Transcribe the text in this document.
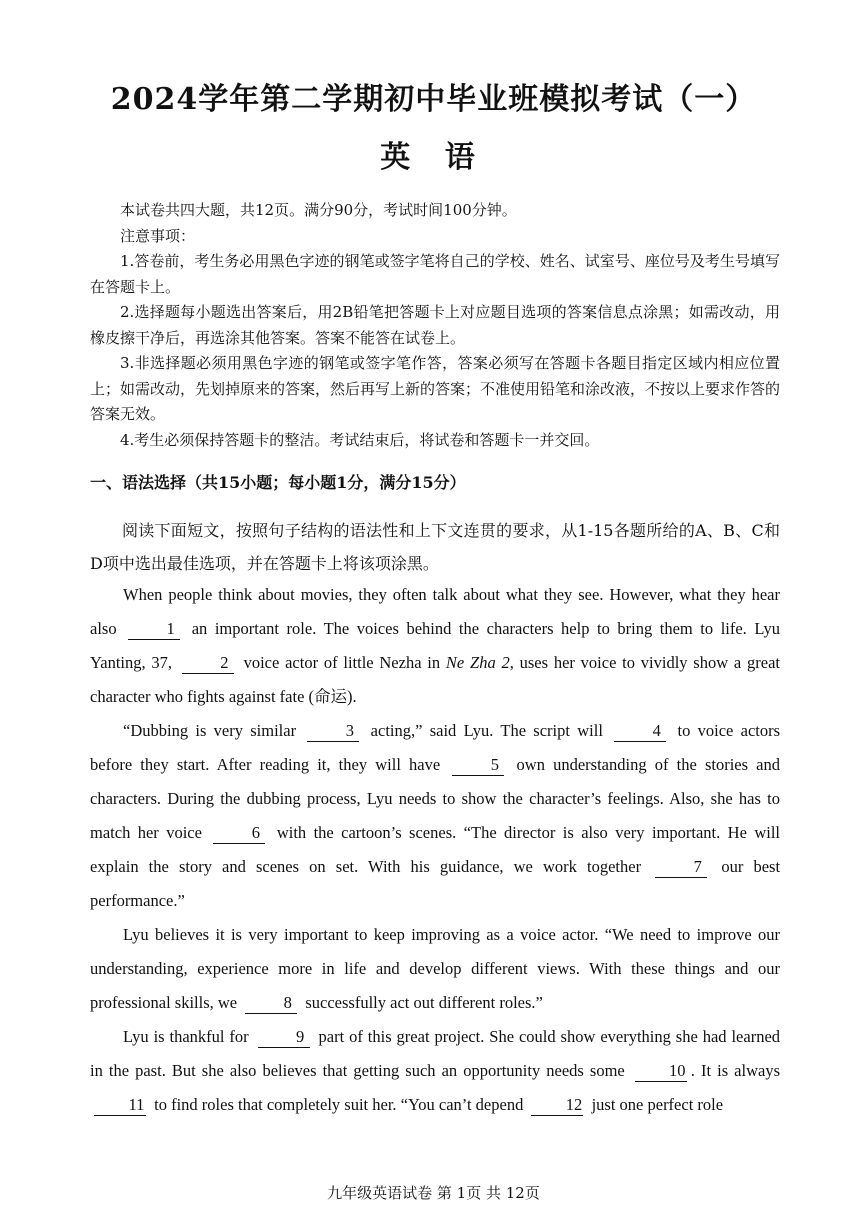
2024学年第二学期初中毕业班模拟考试（一）
英 语

本试卷共四大题，共12页。满分90分，考试时间100分钟。

注意事项：

1.答卷前，考生务必用黑色字迹的钢笔或签字笔将自己的学校、姓名、试室号、座位号及考生号填写在答题卡上。

2.选择题每小题选出答案后，用2B铅笔把答题卡上对应题目选项的答案信息点涂黑；如需改动，用橡皮擦干净后，再选涂其他答案。答案不能答在试卷上。

3.非选择题必须用黑色字迹的钢笔或签字笔作答，答案必须写在答题卡各题目指定区域内相应位置上；如需改动，先划掉原来的答案，然后再写上新的答案；不准使用铅笔和涂改液，不按以上要求作答的答案无效。

4.考生必须保持答题卡的整洁。考试结束后，将试卷和答题卡一并交回。

一、语法选择（共15小题；每小题1分，满分15分）

阅读下面短文，按照句子结构的语法性和上下文连贯的要求，从1-15各题所给的A、B、C和D项中选出最佳选项，并在答题卡上将该项涂黑。

When people think about movies, they often talk about what they see. However, what they hear also	1 an important role. The voices behind the characters help to bring them to life. Lyu Yanting, 37,	2 voice actor of little Nezha in Ne Zha 2, uses her voice to vividly show a great character who fights against fate (命运).

“Dubbing is very similar	3 acting,” said Lyu. The script will	4 to voice actors before they start. After reading it, they will have	5 own understanding of the stories and characters. During the dubbing process, Lyu needs to show the character’s feelings. Also, she has to match her voice	6 with the cartoon’s scenes. “The director is also very important. He will explain the story and scenes on set. With his guidance, we work together	7 our best performance.”

Lyu believes it is very important to keep improving as a voice actor. “We need to improve our understanding, experience more in life and develop different views. With these things and our professional skills, we	8 successfully act out different roles.”

Lyu is thankful for	9 part of this great project. She could show everything she had learned in the past. But she also believes that getting such an opportunity needs some	10 . It is always 11 to find roles that completely suit her. “You can’t depend	12 just one perfect role

九年级英语试卷 第 1页 共 12页
